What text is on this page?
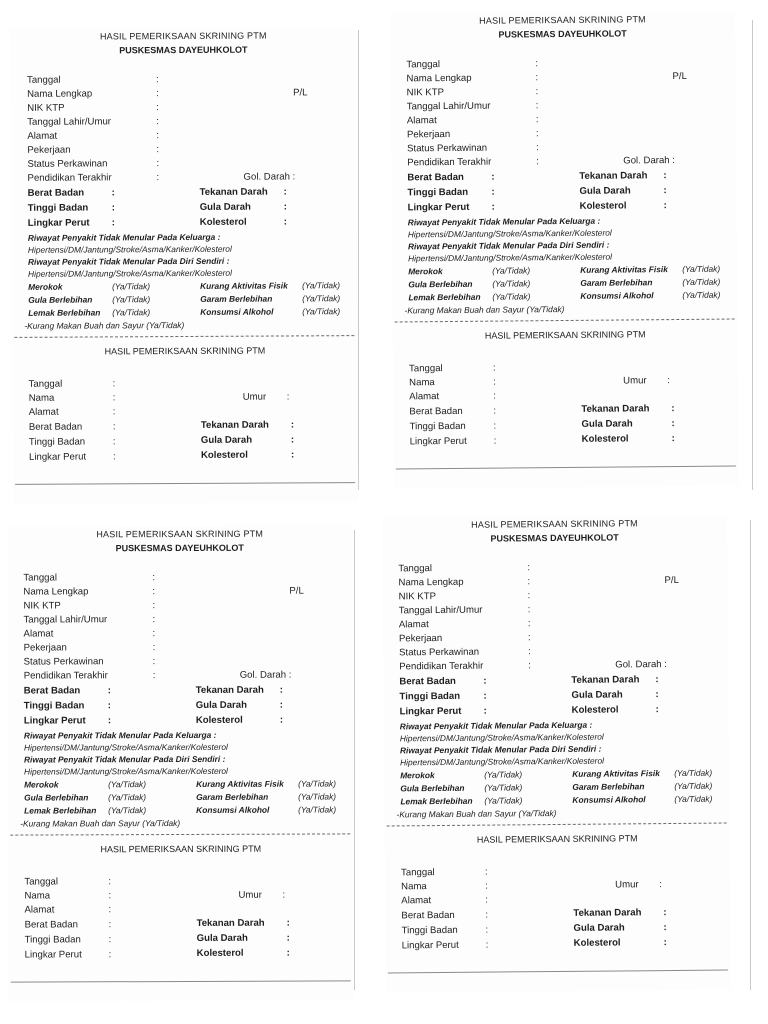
HASIL PEMERIKSAAN SKRINING PTM

PUSKESMAS DAYEUHKOLOT

Tanggal	:

Nama Lengkap	:	P/L

NIK KTP	:

Tanggal Lahir/Umur	:

Alamat	:

Pekerjaan	:

Status Perkawinan	:

Pendidikan Terakhir	:	Gol. Darah :

Berat Badan	:	Tekanan Darah :

Tinggi Badan :	Gula Darah	:

Lingkar Perut :	Kolesterol	:

Riwayat Penyakit Tidak Menular Pada Keluarga :

Hipertensi/DM/Jantung/Stroke/Asma/Kanker/Kolesterol

Riwayat Penyakit Tidak Menular Pada Diri Sendiri :

Hipertensi/DM/Jantung/Stroke/Asma/Kanker/Kolesterol

Merokok	(Ya/Tidak)	Kurang Aktivitas Fisik (Ya/Tidak)

Gula Berlebihan (Ya/Tidak)	Garam Berlebihan	(Ya/Tidak)

Lemak Berlebihan (Ya/Tidak)	Konsumsi Alkohol	(Ya/Tidak)

-Kurang Makan Buah dan Sayur (Ya/Tidak)

HASIL PEMERIKSAAN SKRINING PTM

Tanggal	:

Nama	:	Umur :

Alamat	:

Berat Badan	:	Tekanan Darah :

Tinggi Badan	:	Gula Darah	:

Lingkar Perut	:	Kolesterol	:

HASIL PEMERIKSAAN SKRINING PTM

PUSKESMAS DAYEUHKOLOT

Tanggal	:

Nama Lengkap	:	P/L

NIK KTP	:

Tanggal Lahir/Umur	:

Alamat	:

Pekerjaan	:

Status Perkawinan	:

Pendidikan Terakhir	:	Gol. Darah :

Berat Badan	:	Tekanan Darah :

Tinggi Badan :	Gula Darah	:

Lingkar Perut :	Kolesterol	:

Riwayat Penyakit Tidak Menular Pada Keluarga :

Hipertensi/DM/Jantung/Stroke/Asma/Kanker/Kolesterol

Riwayat Penyakit Tidak Menular Pada Diri Sendiri :

Hipertensi/DM/Jantung/Stroke/Asma/Kanker/Kolesterol

Merokok	(Ya/Tidak)	Kurang Aktivitas Fisik (Ya/Tidak)

Gula Berlebihan (Ya/Tidak)	Garam Berlebihan	(Ya/Tidak)

Lemak Berlebihan (Ya/Tidak)	Konsumsi Alkohol	(Ya/Tidak)

-Kurang Makan Buah dan Sayur (Ya/Tidak)

HASIL PEMERIKSAAN SKRINING PTM

Tanggal	:

Nama	:	Umur :

Alamat	:

Berat Badan	:	Tekanan Darah :

Tinggi Badan	:	Gula Darah	:

Lingkar Perut	:	Kolesterol	:

HASIL PEMERIKSAAN SKRINING PTM

PUSKESMAS DAYEUHKOLOT

Tanggal	:

Nama Lengkap	:	P/L

NIK KTP	:

Tanggal Lahir/Umur	:

Alamat	:

Pekerjaan	:

Status Perkawinan	:

Pendidikan Terakhir	:	Gol. Darah :

Berat Badan	:	Tekanan Darah :

Tinggi Badan :	Gula Darah	:

Lingkar Perut :	Kolesterol	:

Riwayat Penyakit Tidak Menular Pada Keluarga :

Hipertensi/DM/Jantung/Stroke/Asma/Kanker/Kolesterol

Riwayat Penyakit Tidak Menular Pada Diri Sendiri :

Hipertensi/DM/Jantung/Stroke/Asma/Kanker/Kolesterol

Merokok	(Ya/Tidak)	Kurang Aktivitas Fisik (Ya/Tidak)

Gula Berlebihan (Ya/Tidak)	Garam Berlebihan	(Ya/Tidak)

Lemak Berlebihan (Ya/Tidak)	Konsumsi Alkohol	(Ya/Tidak)

-Kurang Makan Buah dan Sayur (Ya/Tidak)

HASIL PEMERIKSAAN SKRINING PTM

Tanggal	:

Nama	:	Umur :

Alamat	:

Berat Badan	:	Tekanan Darah :

Tinggi Badan	:	Gula Darah	:

Lingkar Perut	:	Kolesterol	:

HASIL PEMERIKSAAN SKRINING PTM

PUSKESMAS DAYEUHKOLOT

Tanggal	:

Nama Lengkap	:	P/L

NIK KTP	:

Tanggal Lahir/Umur	:

Alamat	:

Pekerjaan	:

Status Perkawinan	:

Pendidikan Terakhir	:	Gol. Darah :

Berat Badan	:	Tekanan Darah :

Tinggi Badan :	Gula Darah	:

Lingkar Perut :	Kolesterol	:

Riwayat Penyakit Tidak Menular Pada Keluarga :

Hipertensi/DM/Jantung/Stroke/Asma/Kanker/Kolesterol

Riwayat Penyakit Tidak Menular Pada Diri Sendiri :

Hipertensi/DM/Jantung/Stroke/Asma/Kanker/Kolesterol

Merokok	(Ya/Tidak)	Kurang Aktivitas Fisik (Ya/Tidak)

Gula Berlebihan (Ya/Tidak)	Garam Berlebihan	(Ya/Tidak)

Lemak Berlebihan (Ya/Tidak)	Konsumsi Alkohol	(Ya/Tidak)

-Kurang Makan Buah dan Sayur (Ya/Tidak)

HASIL PEMERIKSAAN SKRINING PTM

Tanggal	:

Nama	:	Umur :

Alamat	:

Berat Badan	:	Tekanan Darah :

Tinggi Badan	:	Gula Darah	:

Lingkar Perut	:	Kolesterol	:
